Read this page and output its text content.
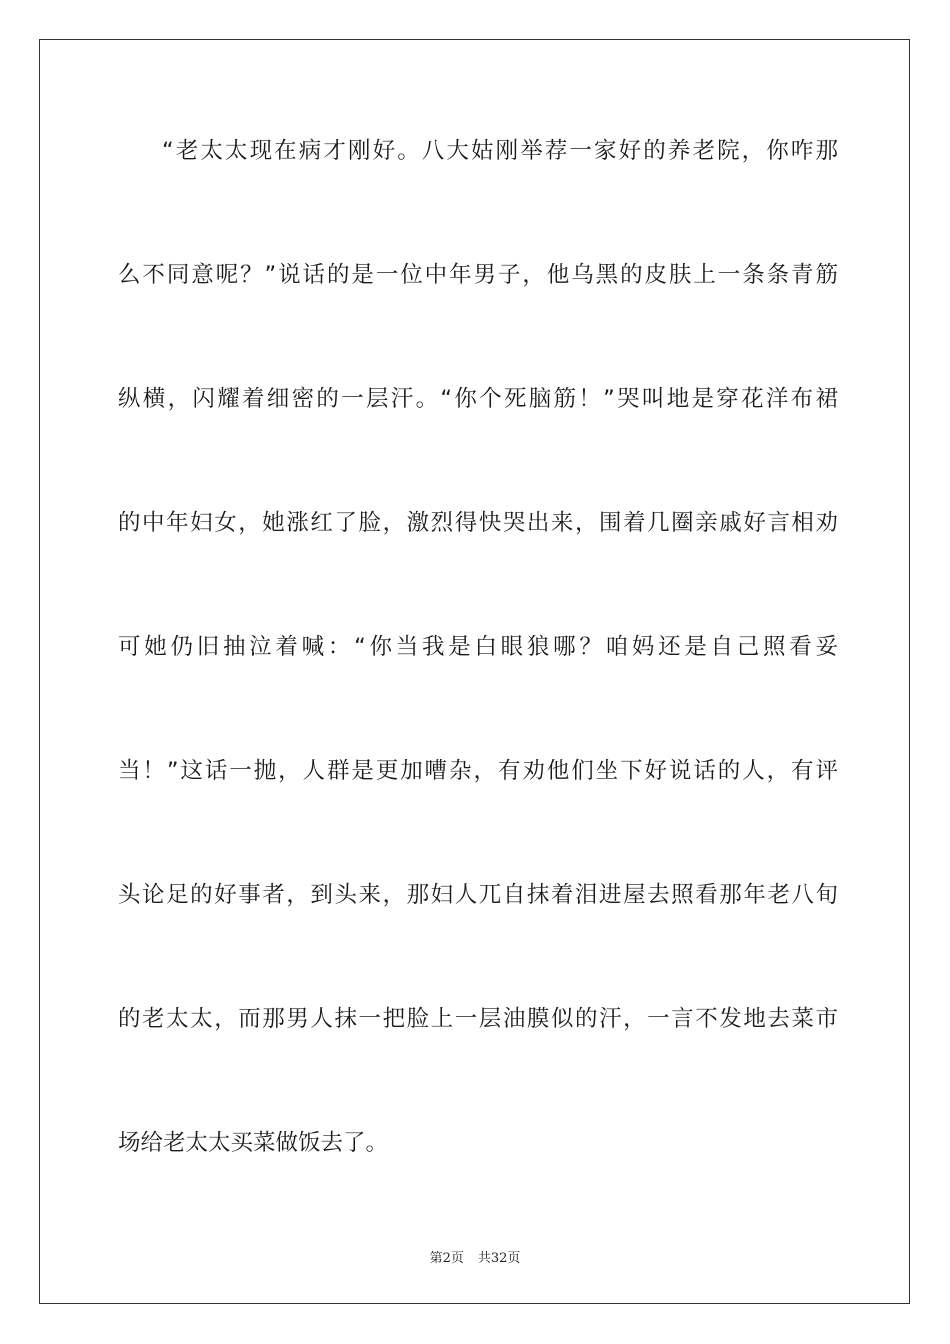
“老太太现在病才刚好。八大姑刚举荐一家好的养老院，你咋那
么不同意呢？”说话的是一位中年男子，他乌黑的皮肤上一条条青筋
纵横，闪耀着细密的一层汗。“你个死脑筋！”哭叫地是穿花洋布裙
的中年妇女，她涨红了脸，激烈得快哭出来，围着几圈亲戚好言相劝
可她仍旧抽泣着喊：“你当我是白眼狼哪？咱妈还是自己照看妥
当！”这话一抛，人群是更加嘈杂，有劝他们坐下好说话的人，有评
头论足的好事者，到头来，那妇人兀自抹着泪进屋去照看那年老八旬
的老太太，而那男人抹一把脸上一层油膜似的汗，一言不发地去菜市
场给老太太买菜做饭去了。
第2页 共32页
